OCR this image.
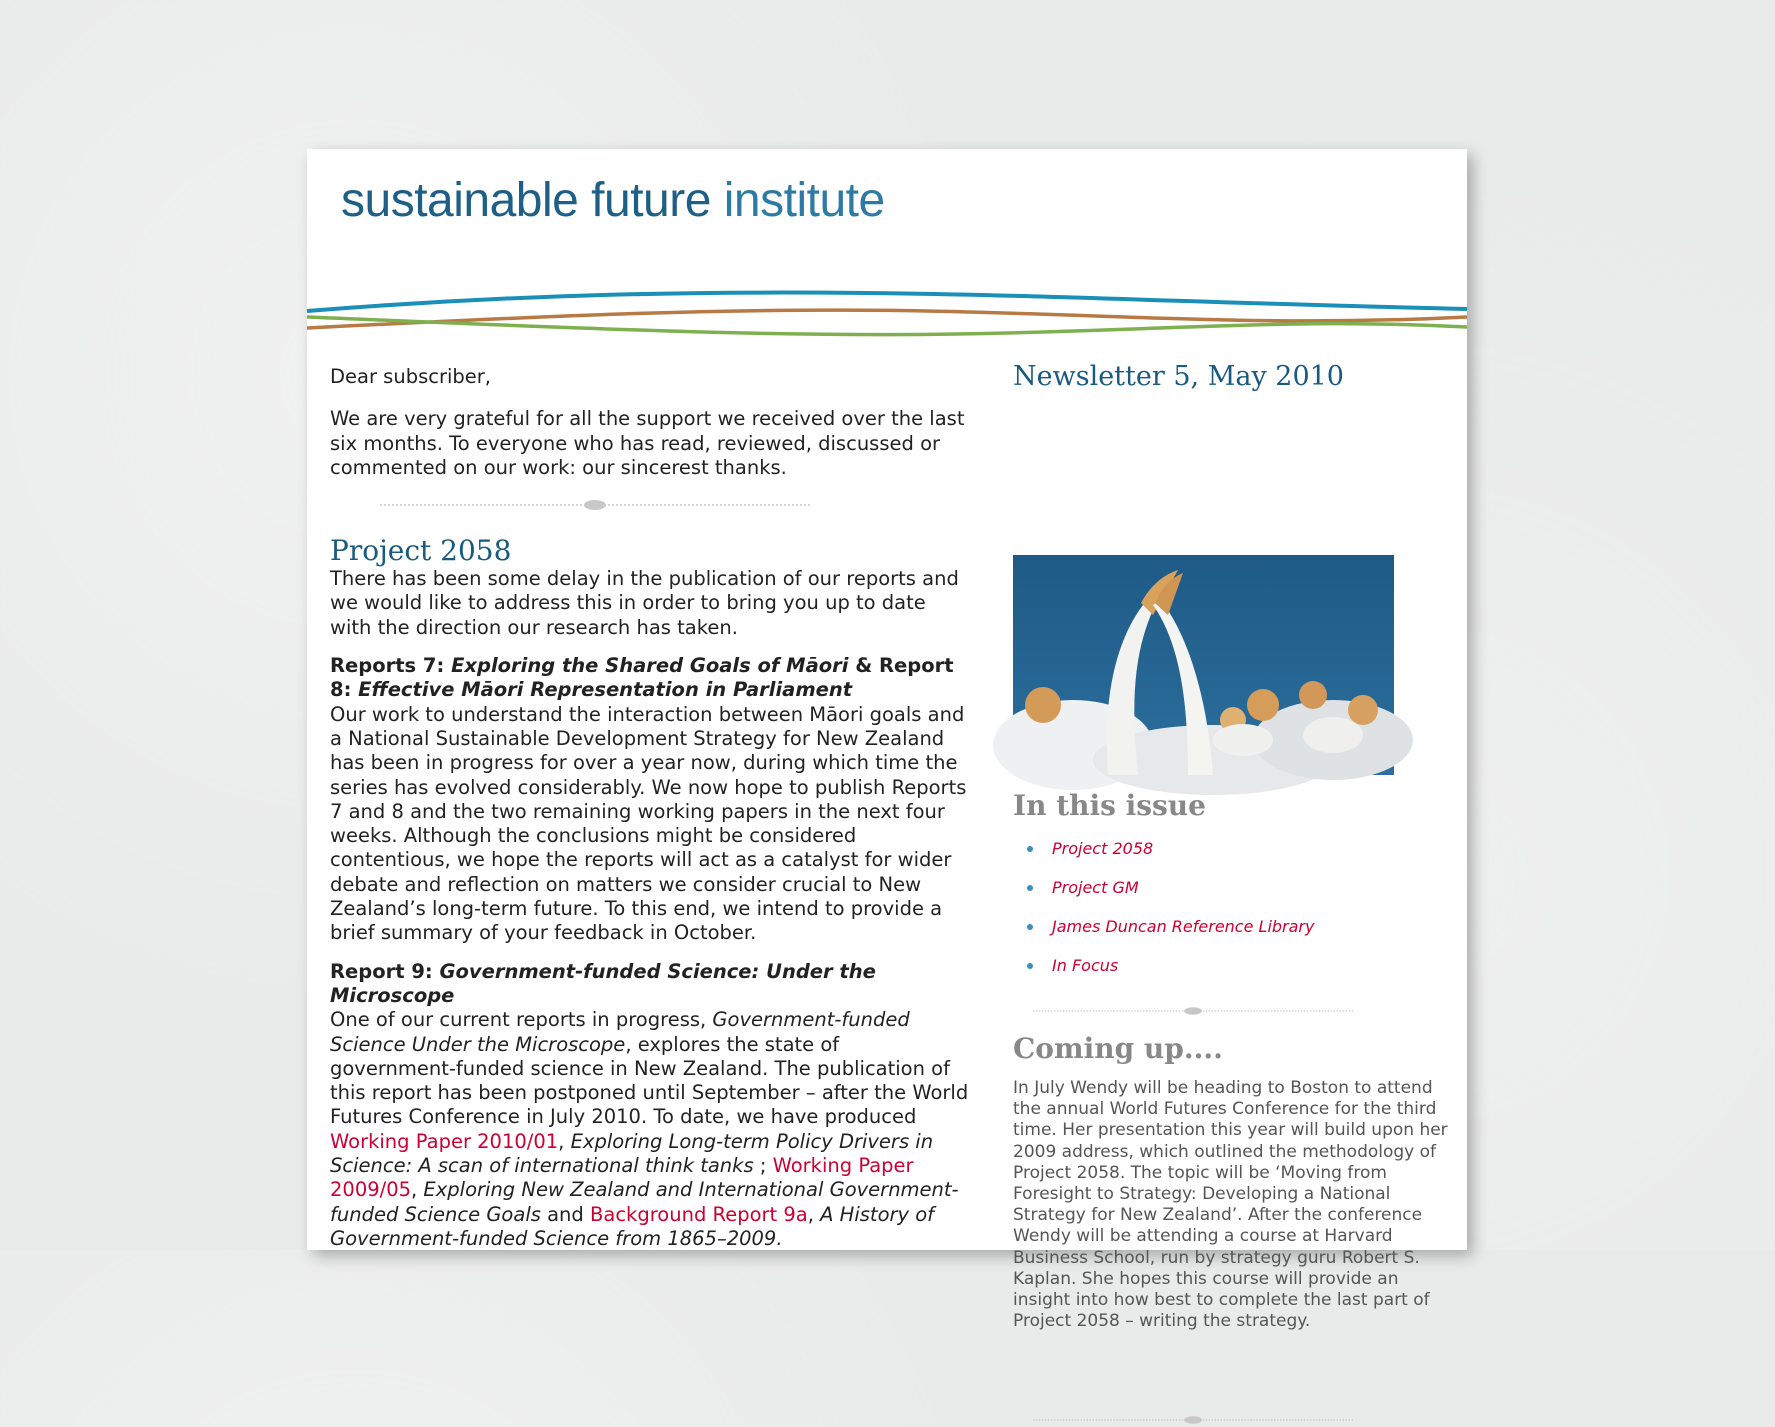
sustainable future institute

Dear subscriber,

We are very grateful for all the support we received over the last six months. To everyone who has read, reviewed, discussed or commented on our work: our sincerest thanks.

Project 2058

There has been some delay in the publication of our reports and we would like to address this in order to bring you up to date with the direction our research has taken.

Reports 7: Exploring the Shared Goals of Māori & Report 8: Effective Māori Representation in Parliament

Our work to understand the interaction between Māori goals and a National Sustainable Development Strategy for New Zealand has been in progress for over a year now, during which time the series has evolved considerably. We now hope to publish Reports 7 and 8 and the two remaining working papers in the next four weeks. Although the conclusions might be considered contentious, we hope the reports will act as a catalyst for wider debate and reflection on matters we consider crucial to New Zealand’s long-term future. To this end, we intend to provide a brief summary of your feedback in October.

Report 9: Government-funded Science: Under the Microscope

One of our current reports in progress, Government-funded Science Under the Microscope, explores the state of government-funded science in New Zealand. The publication of this report has been postponed until September – after the World Futures Conference in July 2010. To date, we have produced Working Paper 2010/01, Exploring Long-term Policy Drivers in Science: A scan of international think tanks ; Working Paper 2009/05, Exploring New Zealand and International Government-funded Science Goals and Background Report 9a, A History of Government-funded Science from 1865–2009.

Newsletter 5, May 2010
In this issue
Project 2058
Project GM
James Duncan Reference Library
In Focus
Coming up....

In July Wendy will be heading to Boston to attend the annual World Futures Conference for the third time. Her presentation this year will build upon her 2009 address, which outlined the methodology of Project 2058. The topic will be ‘Moving from Foresight to Strategy: Developing a National Strategy for New Zealand’. After the conference Wendy will be attending a course at Harvard Business School, run by strategy guru Robert S. Kaplan. She hopes this course will provide an insight into how best to complete the last part of Project 2058 – writing the strategy.
